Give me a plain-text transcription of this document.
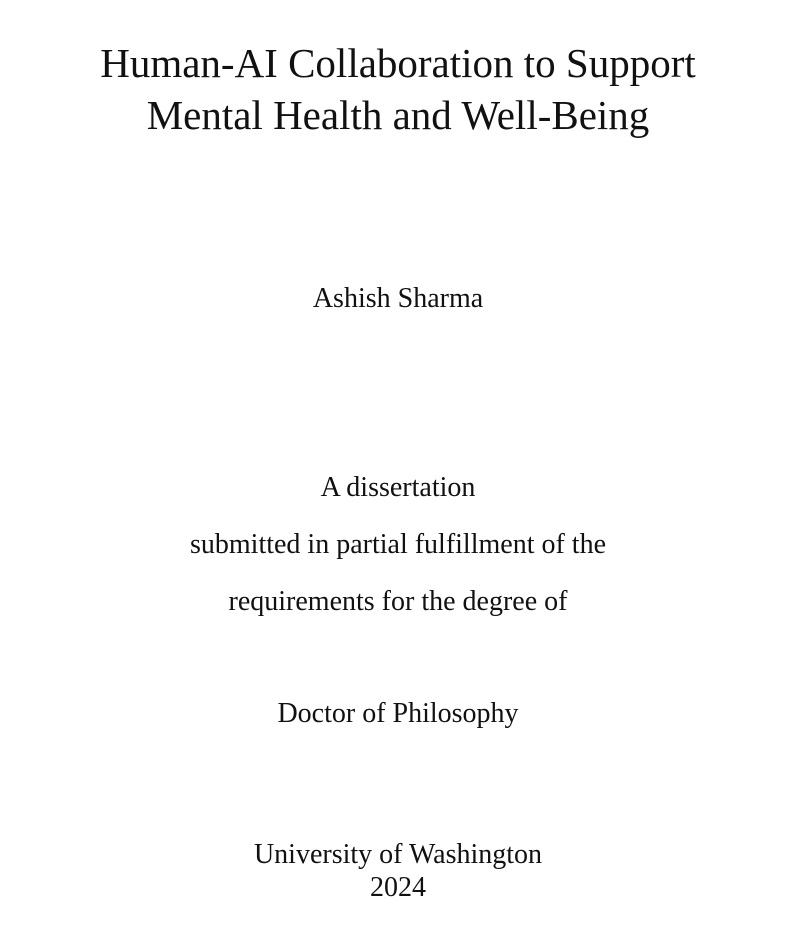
Human-AI Collaboration to Support
Mental Health and Well-Being
Ashish Sharma
A dissertation
submitted in partial fulfillment of the
requirements for the degree of
Doctor of Philosophy
University of Washington
2024
